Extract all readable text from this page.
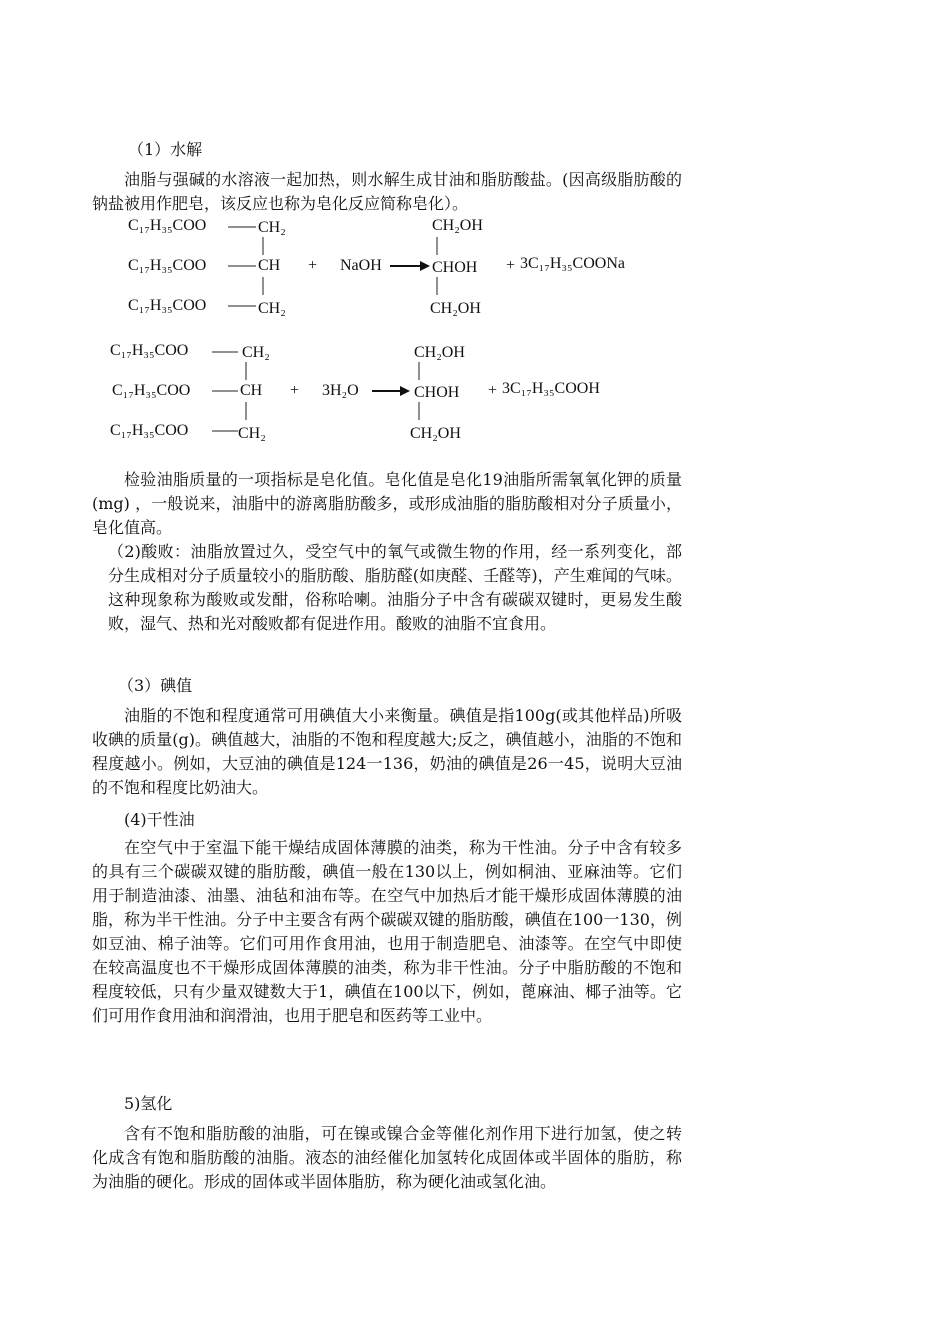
（1）水解

油脂与强碱的水溶液一起加热，则水解生成甘油和脂肪酸盐。(因高级脂肪酸的钠盐被用作肥皂，该反应也称为皂化反应简称皂化）。

C₁₇H₃₅COO	CH₂
C₁₇H₃₅COO	CH
C₁₇H₃₅COO	CH₂
+ NaOH
CH₂OH
CHOH
CH₂OH
+ 3C₁₇H₃₅COONa
C₁₇H₃₅COO	CH₂
C₁₇H₃₅COO	CH
C₁₇H₃₅COO	CH₂
+ 3H₂O
CH₂OH
CHOH
CH₂OH
+ 3C₁₇H₃₅COOH

检验油脂质量的一项指标是皂化值。皂化值是皂化19油脂所需氧氧化钾的质量(mg) ，一般说来，油脂中的游离脂肪酸多，或形成油脂的脂肪酸相对分子质量小，皂化值高。

（2)酸败：油脂放置过久，受空气中的氧气或微生物的作用，经一系列变化，部分生成相对分子质量较小的脂肪酸、脂肪醛(如庚醛、壬醛等)，产生难闻的气味。这种现象称为酸败或发酣，俗称哈喇。油脂分子中含有碳碳双键时，更易发生酸败，湿气、热和光对酸败都有促进作用。酸败的油脂不宜食用。

（3）碘值

油脂的不饱和程度通常可用碘值大小来衡量。碘值是指100g(或其他样品)所吸收碘的质量(g)。碘值越大，油脂的不饱和程度越大;反之，碘值越小，油脂的不饱和程度越小。例如，大豆油的碘值是124一136，奶油的碘值是26一45，说明大豆油的不饱和程度比奶油大。

(4)干性油

在空气中于室温下能干燥结成固体薄膜的油类，称为干性油。分子中含有较多的具有三个碳碳双键的脂肪酸，碘值一般在130以上，例如桐油、亚麻油等。它们用于制造油漆、油墨、油毡和油布等。在空气中加热后才能干燥形成固体薄膜的油脂，称为半干性油。分子中主要含有两个碳碳双键的脂肪酸，碘值在100一130，例如豆油、棉子油等。它们可用作食用油，也用于制造肥皂、油漆等。在空气中即使在较高温度也不干燥形成固体薄膜的油类，称为非干性油。分子中脂肪酸的不饱和程度较低，只有少量双键数大于1，碘值在100以下，例如，蓖麻油、椰子油等。它们可用作食用油和润滑油，也用于肥皂和医药等工业中。

5)氢化

含有不饱和脂肪酸的油脂，可在镍或镍合金等催化剂作用下进行加氢，使之转化成含有饱和脂肪酸的油脂。液态的油经催化加氢转化成固体或半固体的脂肪，称为油脂的硬化。形成的固体或半固体脂肪，称为硬化油或氢化油。
